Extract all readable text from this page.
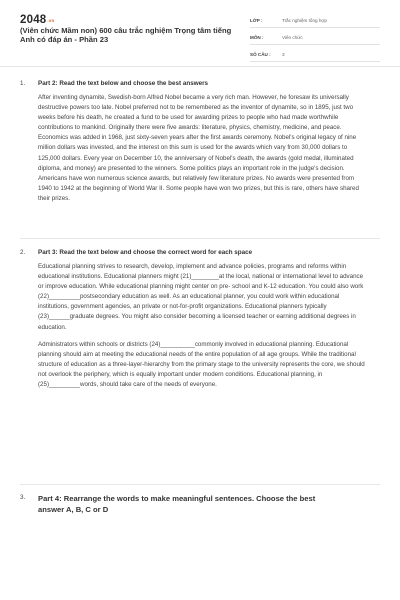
2048.vn
(Viên chức Mầm non) 600 câu trắc nghiệm Trọng tâm tiếng Anh có đáp án - Phần 23
LỚP :	Trắc nghiệm tổng hợp
MÔN :	Viên chức
SỐ CÂU :	3
1.	Part 2: Read the text below and choose the best answers

After inventing dynamite, Swedish-born Alfred Nobel became a very rich man. However, he foresaw its universally destructive powers too late. Nobel preferred not to be remembered as the inventor of dynamite, so in 1895, just two weeks before his death, he created a fund to be used for awarding prizes to people who had made worthwhile contributions to mankind. Originally there were five awards: literature, physics, chemistry, medicine, and peace. Economics was added in 1968, just sixty-seven years after the first awards ceremony. Nobel's original legacy of nine million dollars was invested, and the interest on this sum is used for the awards which vary from 30,000 dollars to 125,000 dollars. Every year on December 10, the anniversary of Nobel's death, the awards (gold medal, illuminated diploma, and money) are presented to the winners. Some politics plays an important role in the judge's decision. Americans have won numerous science awards, but relatively few literature prizes. No awards were presented from 1940 to 1942 at the beginning of World War II. Some people have won two prizes, but this is rare, others have shared their prizes.

2.	Part 3: Read the text below and choose the correct word for each space

Educational planning strives to research, develop, implement and advance policies, programs and reforms within educational institutions. Educational planners might (21)________at the local, national or international level to advance or improve education. While educational planning might center on pre- school and K-12 education. You could also work (22)_________postsecondary education as well. As an educational planner, you could work within educational institutions, government agencies, an private or not-for-profit organizations. Educational planners typically (23)______graduate degrees. You might also consider becoming a licensed teacher or earning additional degrees in education.

Administrators within schools or districts (24)__________commonly involved in educational planning. Educational planning should aim at meeting the educational needs of the entire population of all age groups. While the traditional structure of education as a three-layer-hierarchy from the primary stage to the university represents the core, we should not overlook the periphery, which is equally important under modern conditions. Educational planning, in (25)_________words, should take care of the needs of everyone.

3.	Part 4: Rearrange the words to make meaningful sentences. Choose the best answer A, B, C or D
